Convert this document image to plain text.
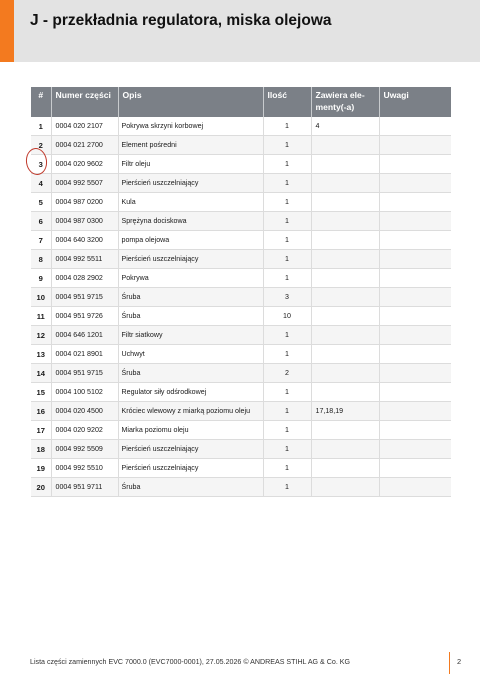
J - przekładnia regulatora, miska olejowa
#	Numer części	Opis	Ilość	Zawiera ele-menty(-a)	Uwagi
1	0004 020 2107	Pokrywa skrzyni korbowej	1	4	
2	0004 021 2700	Element pośredni	1		
3	0004 020 9602	Filtr oleju	1		
4	0004 992 5507	Pierścień uszczelniający	1		
5	0004 987 0200	Kula	1		
6	0004 987 0300	Sprężyna dociskowa	1		
7	0004 640 3200	pompa olejowa	1		
8	0004 992 5511	Pierścień uszczelniający	1		
9	0004 028 2902	Pokrywa	1		
10	0004 951 9715	Śruba	3		
11	0004 951 9726	Śruba	10		
12	0004 646 1201	Filtr siatkowy	1		
13	0004 021 8901	Uchwyt	1		
14	0004 951 9715	Śruba	2		
15	0004 100 5102	Regulator siły odśrodkowej	1		
16	0004 020 4500	Króciec wlewowy z miarką poziomu oleju	1	17,18,19	
17	0004 020 9202	Miarka poziomu oleju	1		
18	0004 992 5509	Pierścień uszczelniający	1		
19	0004 992 5510	Pierścień uszczelniający	1		
20	0004 951 9711	Śruba	1		
Lista części zamiennych EVC 7000.0 (EVC7000-0001), 27.05.2026 © ANDREAS STIHL AG & Co. KG	2
